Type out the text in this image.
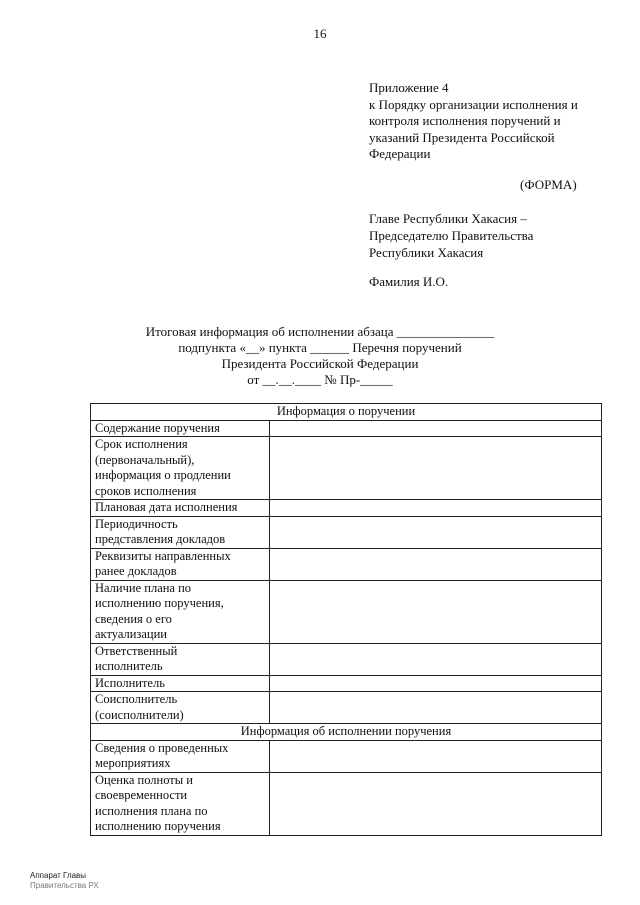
16
Приложение 4
к Порядку организации исполнения и
контроля исполнения поручений и
указаний Президента Российской
Федерации
(ФОРМА)
Главе Республики Хакасия –
Председателю Правительства
Республики Хакасия
Фамилия И.О.
Итоговая информация об исполнении абзаца _______________
подпункта «__» пункта ______ Перечня поручений
Президента Российской Федерации
от __.__.____ № Пр-_____
Информация о поручении	

Содержание поручения	

Срок исполнения
(первоначальный),
информация о продлении
сроков исполнения	

Плановая дата исполнения	

Периодичность
представления докладов	

Реквизиты направленных
ранее докладов	

Наличие плана по
исполнению поручения,
сведения о его
актуализации	

Ответственный
исполнитель	

Исполнитель	

Соисполнитель
(соисполнители)	

Информация об исполнении поручения	

Сведения о проведенных
мероприятиях	

Оценка полноты и
своевременности
исполнения плана по
исполнению поручения	

Аппарат Главы
Правительства РХ
